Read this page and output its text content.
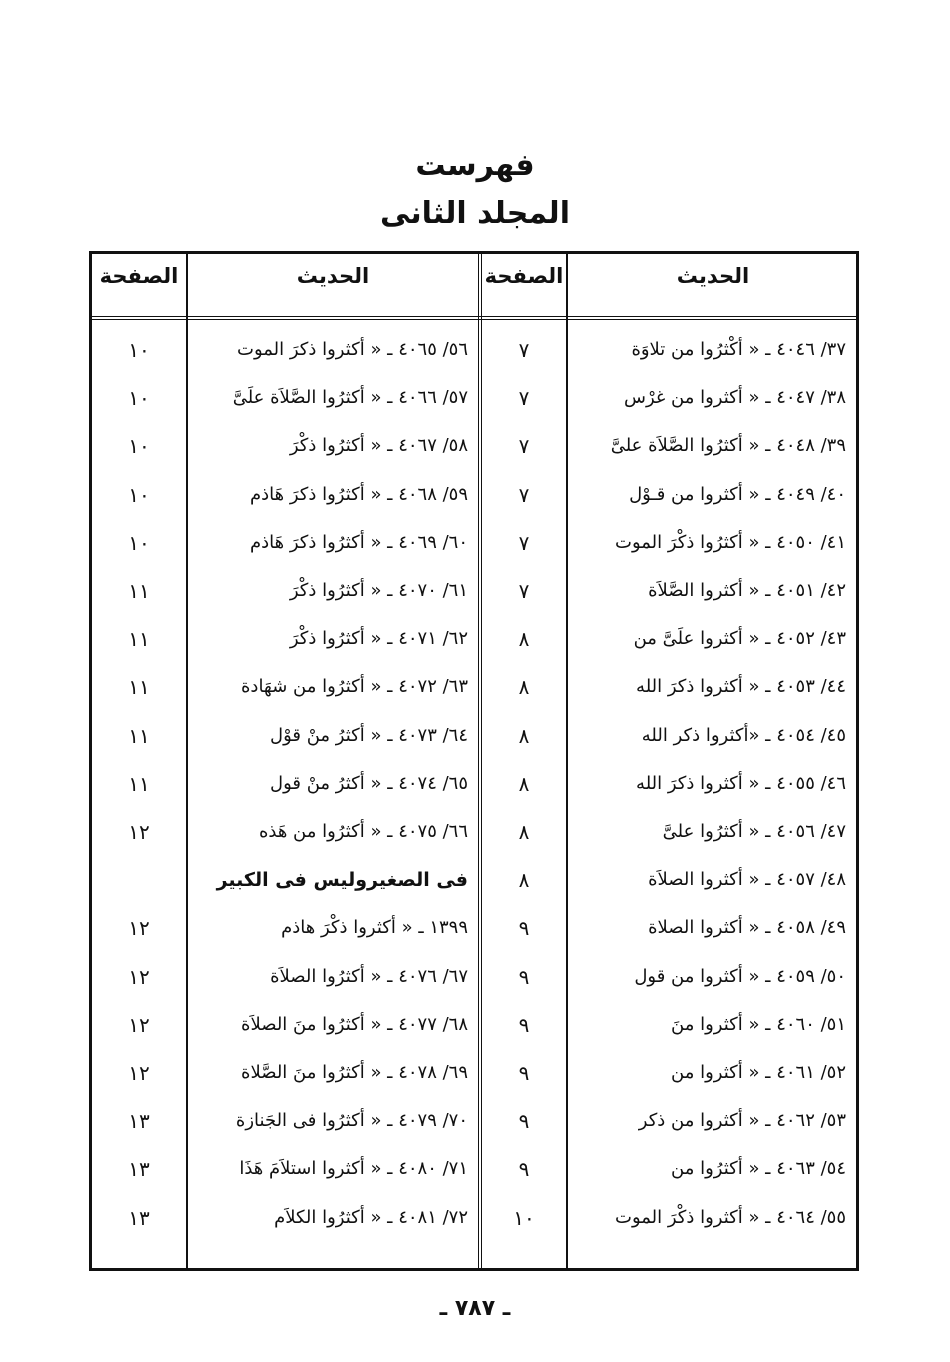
فهرست
المجلد الثانى
الحديث
الصفحة
الحديث
الصفحة
٣٧/ ٤٠٤٦ ـ « أكْثرُوا من تلاوَة
٧
٣٨/ ٤٠٤٧ ـ « أكثروا من غرْس
٧
٣٩/ ٤٠٤٨ ـ « أكثرُوا الصَّلاَة علىَّ
٧
٤٠/ ٤٠٤٩ ـ « أكثروا من قـوْل
٧
٤١/ ٤٠٥٠ ـ « أكثرُوا ذكْرَ الموت
٧
٤٢/ ٤٠٥١ ـ « أكثروا الصَّلاَة
٧
٤٣/ ٤٠٥٢ ـ « أكثروا علَىَّ من
٨
٤٤/ ٤٠٥٣ ـ « أكثروا ذكرَ الله
٨
٤٥/ ٤٠٥٤ ـ «أكثروا ذكر الله
٨
٤٦/ ٤٠٥٥ ـ « أكثروا ذكرَ الله
٨
٤٧/ ٤٠٥٦ ـ « أكثرُوا علىَّ
٨
٤٨/ ٤٠٥٧ ـ « أكثروا الصلاَة
٨
٤٩/ ٤٠٥٨ ـ « أكثروا الصلاة
٩
٥٠/ ٤٠٥٩ ـ « أكثروا من قول
٩
٥١/ ٤٠٦٠ ـ « أكثروا منَ
٩
٥٢/ ٤٠٦١ ـ « أكثروا من
٩
٥٣/ ٤٠٦٢ ـ « أكثروا من ذكر
٩
٥٤/ ٤٠٦٣ ـ « أكثرُوا من
٩
٥٥/ ٤٠٦٤ ـ « أكثروا ذكْرَ الموت
١٠
٥٦/ ٤٠٦٥ ـ « أكثروا ذكرَ الموت
١٠
٥٧/ ٤٠٦٦ ـ « أكثرُوا الصَّلاَة علَىَّ
١٠
٥٨/ ٤٠٦٧ ـ « أكثرُوا ذكْرَ
١٠
٥٩/ ٤٠٦٨ ـ « أكثرُوا ذكرَ هَاذم
١٠
٦٠/ ٤٠٦٩ ـ « أكثرُوا ذكرَ هَاذم
١٠
٦١/ ٤٠٧٠ ـ « أكثرُوا ذكْرَ
١١
٦٢/ ٤٠٧١ ـ « أكثرُوا ذكْرَ
١١
٦٣/ ٤٠٧٢ ـ « أكثرُوا من شهَادة
١١
٦٤/ ٤٠٧٣ ـ « أكثرُ منْ قوْل
١١
٦٥/ ٤٠٧٤ ـ « أكثرُ منْ قول
١١
٦٦/ ٤٠٧٥ ـ « أكثرُوا من هَذه
١٢
فى الصغيروليس فى الكبير
١٣٩٩ ـ « أكثروا ذكْرَ هاذم
١٢
٦٧/ ٤٠٧٦ ـ « أكثرُوا الصلاَة
١٢
٦٨/ ٤٠٧٧ ـ « أكثرُوا منَ الصلاَة
١٢
٦٩/ ٤٠٧٨ ـ « أكثرُوا منَ الصَّلاة
١٢
٧٠/ ٤٠٧٩ ـ « أكثرُوا فى الجَنازة
١٣
٧١/ ٤٠٨٠ ـ « أكثروا استلاَمَ هَذَا
١٣
٧٢/ ٤٠٨١ ـ « أكثرُوا الكلاَم
١٣
ـ ٧٨٧ ـ
